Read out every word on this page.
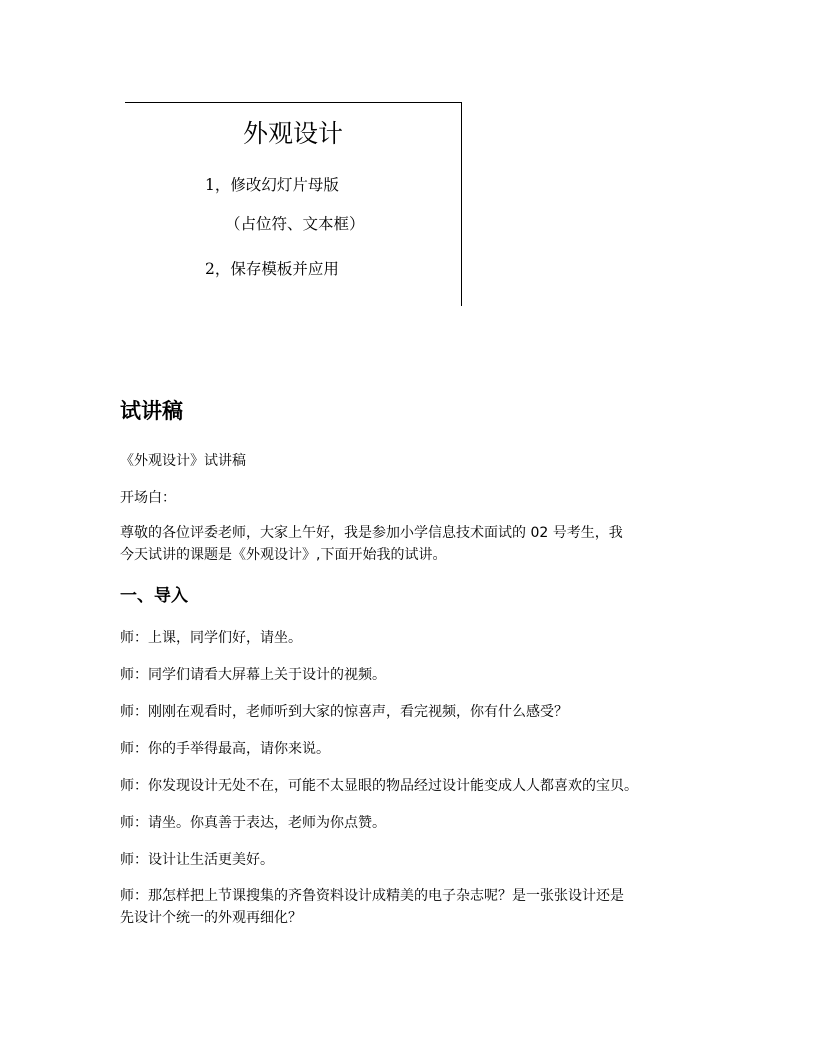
外观设计
1，修改幻灯片母版
（占位符、文本框）
2，保存模板并应用
试讲稿
《外观设计》试讲稿
开场白：
尊敬的各位评委老师，大家上午好，我是参加小学信息技术面试的 02 号考生，我
今天试讲的课题是《外观设计》,下面开始我的试讲。
一、导入
师：上课，同学们好，请坐。
师：同学们请看大屏幕上关于设计的视频。
师：刚刚在观看时，老师听到大家的惊喜声，看完视频，你有什么感受？
师：你的手举得最高，请你来说。
师：你发现设计无处不在，可能不太显眼的物品经过设计能变成人人都喜欢的宝贝。
师：请坐。你真善于表达，老师为你点赞。
师：设计让生活更美好。
师：那怎样把上节课搜集的齐鲁资料设计成精美的电子杂志呢？是一张张设计还是
先设计个统一的外观再细化？
